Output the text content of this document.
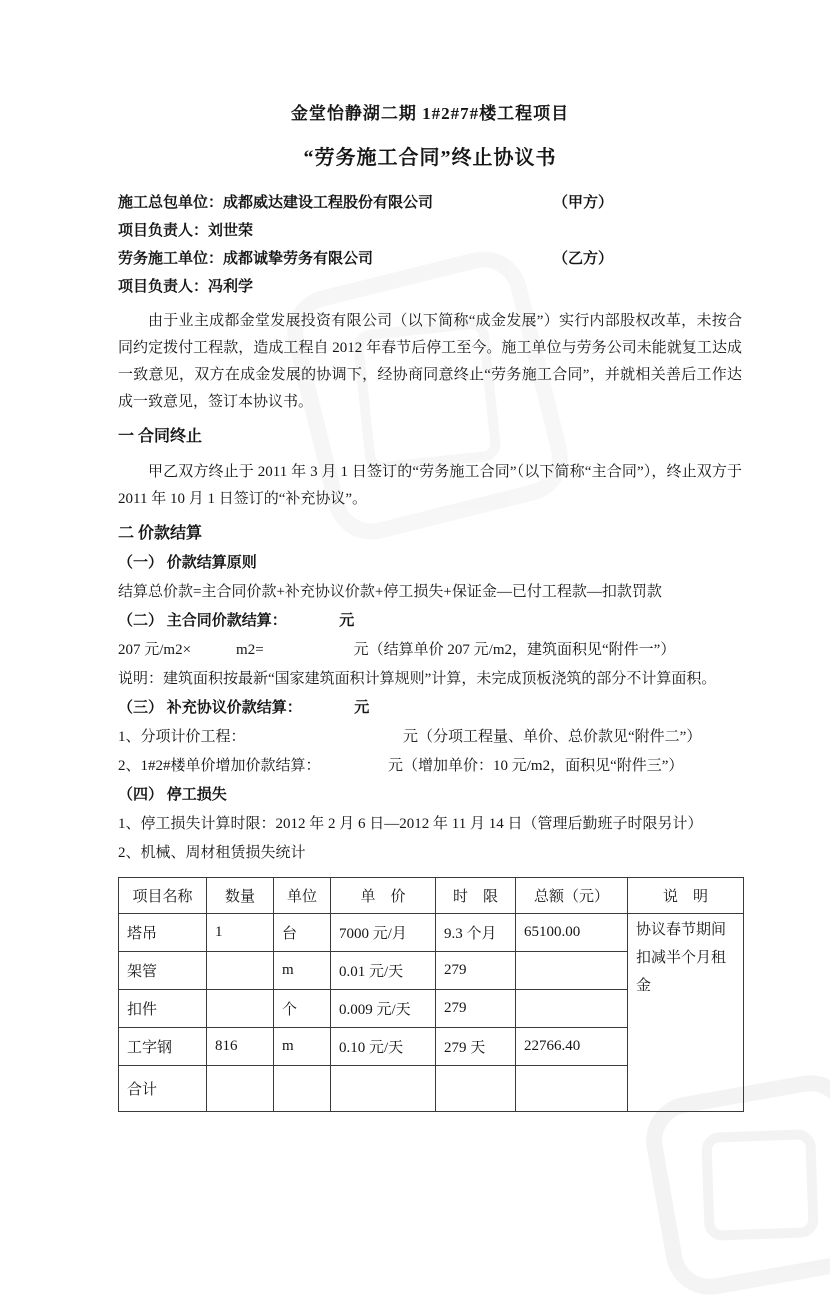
金堂怡静湖二期 1#2#7#楼工程项目
“劳务施工合同”终止协议书
施工总包单位：成都威达建设工程股份有限公司	（甲方）
项目负责人：刘世荣
劳务施工单位：成都诚挚劳务有限公司	（乙方）
项目负责人：冯利学

由于业主成都金堂发展投资有限公司（以下简称“成金发展”）实行内部股权改革，未按合同约定拨付工程款，造成工程自 2012 年春节后停工至今。施工单位与劳务公司未能就复工达成一致意见，双方在成金发展的协调下，经协商同意终止“劳务施工合同”，并就相关善后工作达成一致意见，签订本协议书。

一 合同终止

甲乙双方终止于 2011 年 3 月 1 日签订的“劳务施工合同”（以下简称“主合同”），终止双方于 2011 年 10 月 1 日签订的“补充协议”。

二 价款结算

（一） 价款结算原则

结算总价款=主合同价款+补充协议价款+停工损失+保证金—已付工程款—扣款罚款

（二） 主合同价款结算：　　　　元

207 元/m2×　　　m2=　　　　　　元（结算单价 207 元/m2，建筑面积见“附件一”）

说明：建筑面积按最新“国家建筑面积计算规则”计算，未完成顶板浇筑的部分不计算面积。

（三） 补充协议价款结算：　　　　元

1、分项计价工程：　　　　　　　　　　　元（分项工程量、单价、总价款见“附件二”）

2、1#2#楼单价增加价款结算：　　　　　元（增加单价：10 元/m2，面积见“附件三”）

（四） 停工损失

1、停工损失计算时限：2012 年 2 月 6 日—2012 年 11 月 14 日（管理后勤班子时限另计）

2、机械、周材租赁损失统计

项目名称	数量	单位	单　价	时　限	总额（元）	说　明
塔吊	1	台	7000 元/月	9.3 个月	65100.00	协议春节期间扣减半个月租金
架管		m	0.01 元/天	279		
扣件		个	0.009 元/天	279		
工字钢	816	m	0.10 元/天	279 天	22766.40	
合计						
